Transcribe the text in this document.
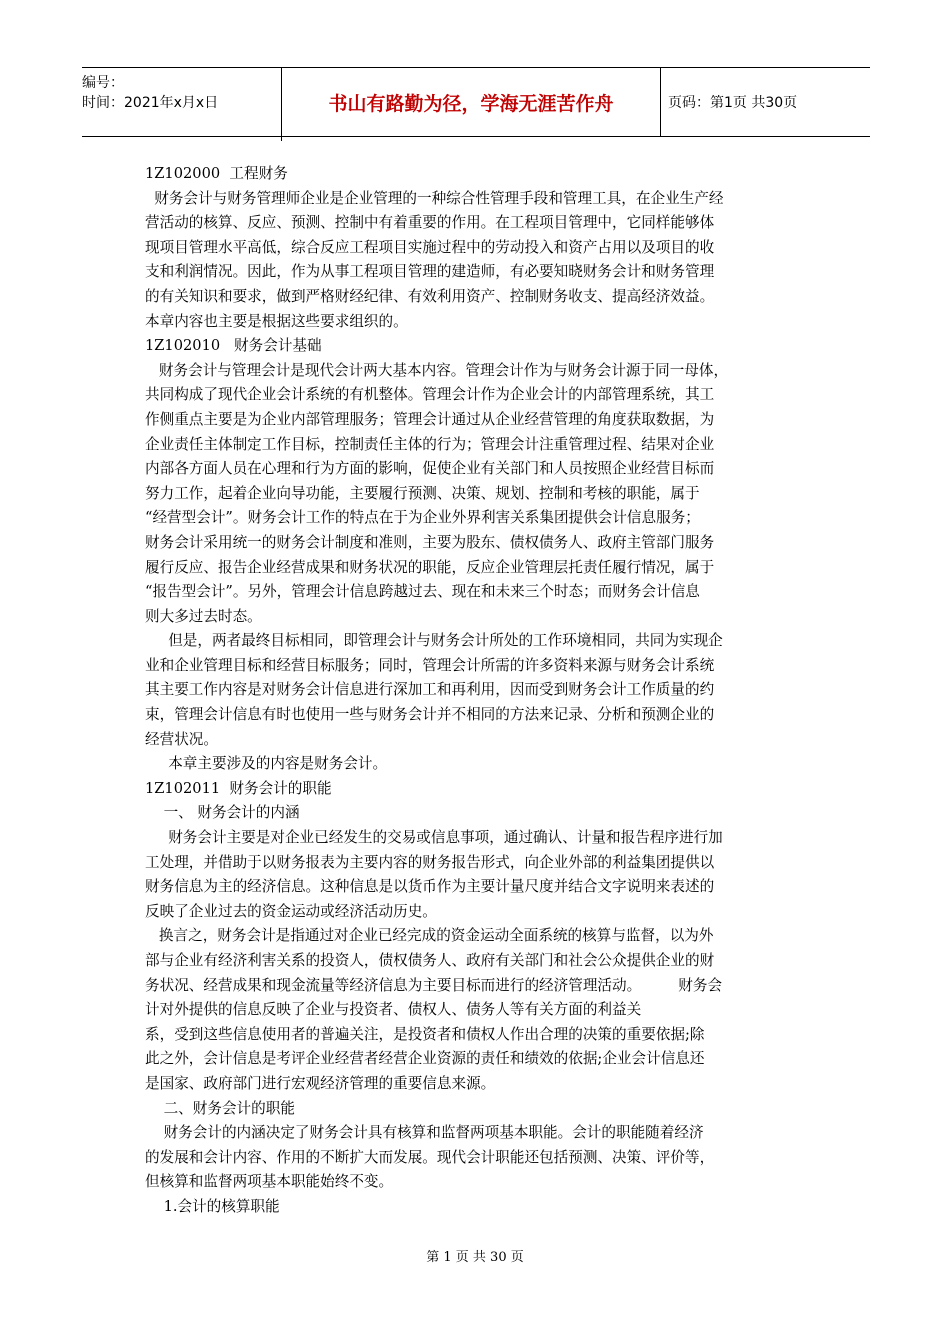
编号：
时间：2021年x月x日	书山有路勤为径，学海无涯苦作舟	页码：第1页 共30页

1Z102000  工程财务

财务会计与财务管理师企业是企业管理的一种综合性管理手段和管理工具，在企业生产经

营活动的核算、反应、预测、控制中有着重要的作用。在工程项目管理中，它同样能够体

现项目管理水平高低，综合反应工程项目实施过程中的劳动投入和资产占用以及项目的收

支和利润情况。因此，作为从事工程项目管理的建造师，有必要知晓财务会计和财务管理

的有关知识和要求，做到严格财经纪律、有效利用资产、控制财务收支、提高经济效益。

本章内容也主要是根据这些要求组织的。

1Z102010   财务会计基础

财务会计与管理会计是现代会计两大基本内容。管理会计作为与财务会计源于同一母体，

共同构成了现代企业会计系统的有机整体。管理会计作为企业会计的内部管理系统，其工

作侧重点主要是为企业内部管理服务；管理会计通过从企业经营管理的角度获取数据，为

企业责任主体制定工作目标，控制责任主体的行为；管理会计注重管理过程、结果对企业

内部各方面人员在心理和行为方面的影响，促使企业有关部门和人员按照企业经营目标而

努力工作，起着企业向导功能，主要履行预测、决策、规划、控制和考核的职能，属于

“经营型会计”。财务会计工作的特点在于为企业外界利害关系集团提供会计信息服务；

财务会计采用统一的财务会计制度和准则，主要为股东、债权债务人、政府主管部门服务

履行反应、报告企业经营成果和财务状况的职能，反应企业管理层托责任履行情况，属于

“报告型会计”。另外，管理会计信息跨越过去、现在和未来三个时态；而财务会计信息

则大多过去时态。

但是，两者最终目标相同，即管理会计与财务会计所处的工作环境相同，共同为实现企

业和企业管理目标和经营目标服务；同时，管理会计所需的许多资料来源与财务会计系统

其主要工作内容是对财务会计信息进行深加工和再利用，因而受到财务会计工作质量的约

束，管理会计信息有时也使用一些与财务会计并不相同的方法来记录、分析和预测企业的

经营状况。

本章主要涉及的内容是财务会计。

1Z102011  财务会计的职能

一、 财务会计的内涵

财务会计主要是对企业已经发生的交易或信息事项，通过确认、计量和报告程序进行加

工处理，并借助于以财务报表为主要内容的财务报告形式，向企业外部的利益集团提供以

财务信息为主的经济信息。这种信息是以货币作为主要计量尺度并结合文字说明来表述的

反映了企业过去的资金运动或经济活动历史。

换言之，财务会计是指通过对企业已经完成的资金运动全面系统的核算与监督，以为外

部与企业有经济利害关系的投资人，债权债务人、政府有关部门和社会公众提供企业的财

务状况、经营成果和现金流量等经济信息为主要目标而进行的经济管理活动。        财务会

计对外提供的信息反映了企业与投资者、债权人、债务人等有关方面的利益关

系，受到这些信息使用者的普遍关注，是投资者和债权人作出合理的决策的重要依据;除

此之外，会计信息是考评企业经营者经营企业资源的责任和绩效的依据;企业会计信息还

是国家、政府部门进行宏观经济管理的重要信息来源。

二、财务会计的职能

财务会计的内涵决定了财务会计具有核算和监督两项基本职能。会计的职能随着经济

的发展和会计内容、作用的不断扩大而发展。现代会计职能还包括预测、决策、评价等，

但核算和监督两项基本职能始终不变。

1.会计的核算职能

第 1 页 共 30 页
